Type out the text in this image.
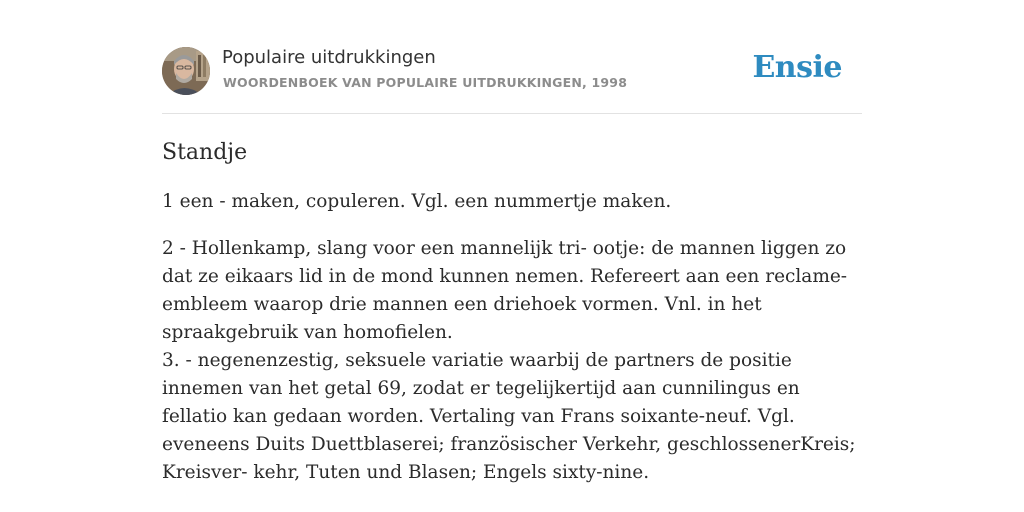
Populaire uitdrukkingen
WOORDENBOEK VAN POPULAIRE UITDRUKKINGEN, 1998	Ensie
Standje

1 een - maken, copuleren. Vgl. een nummertje maken.

2 - Hollenkamp, slang voor een mannelijk tri- ootje: de mannen liggen zo dat ze eikaars lid in de mond kunnen nemen. Refereert aan een reclame-embleem waarop drie mannen een driehoek vormen. Vnl. in het spraakgebruik van homofielen.
3. - negenenzestig, seksuele variatie waarbij de partners de positie innemen van het getal 69, zodat er tegelijkertijd aan cunnilingus en fellatio kan gedaan worden. Vertaling van Frans soixante-neuf. Vgl. eveneens Duits Duettblaserei; französischer Verkehr, geschlossenerKreis; Kreisver- kehr, Tuten und Blasen; Engels sixty-nine.
